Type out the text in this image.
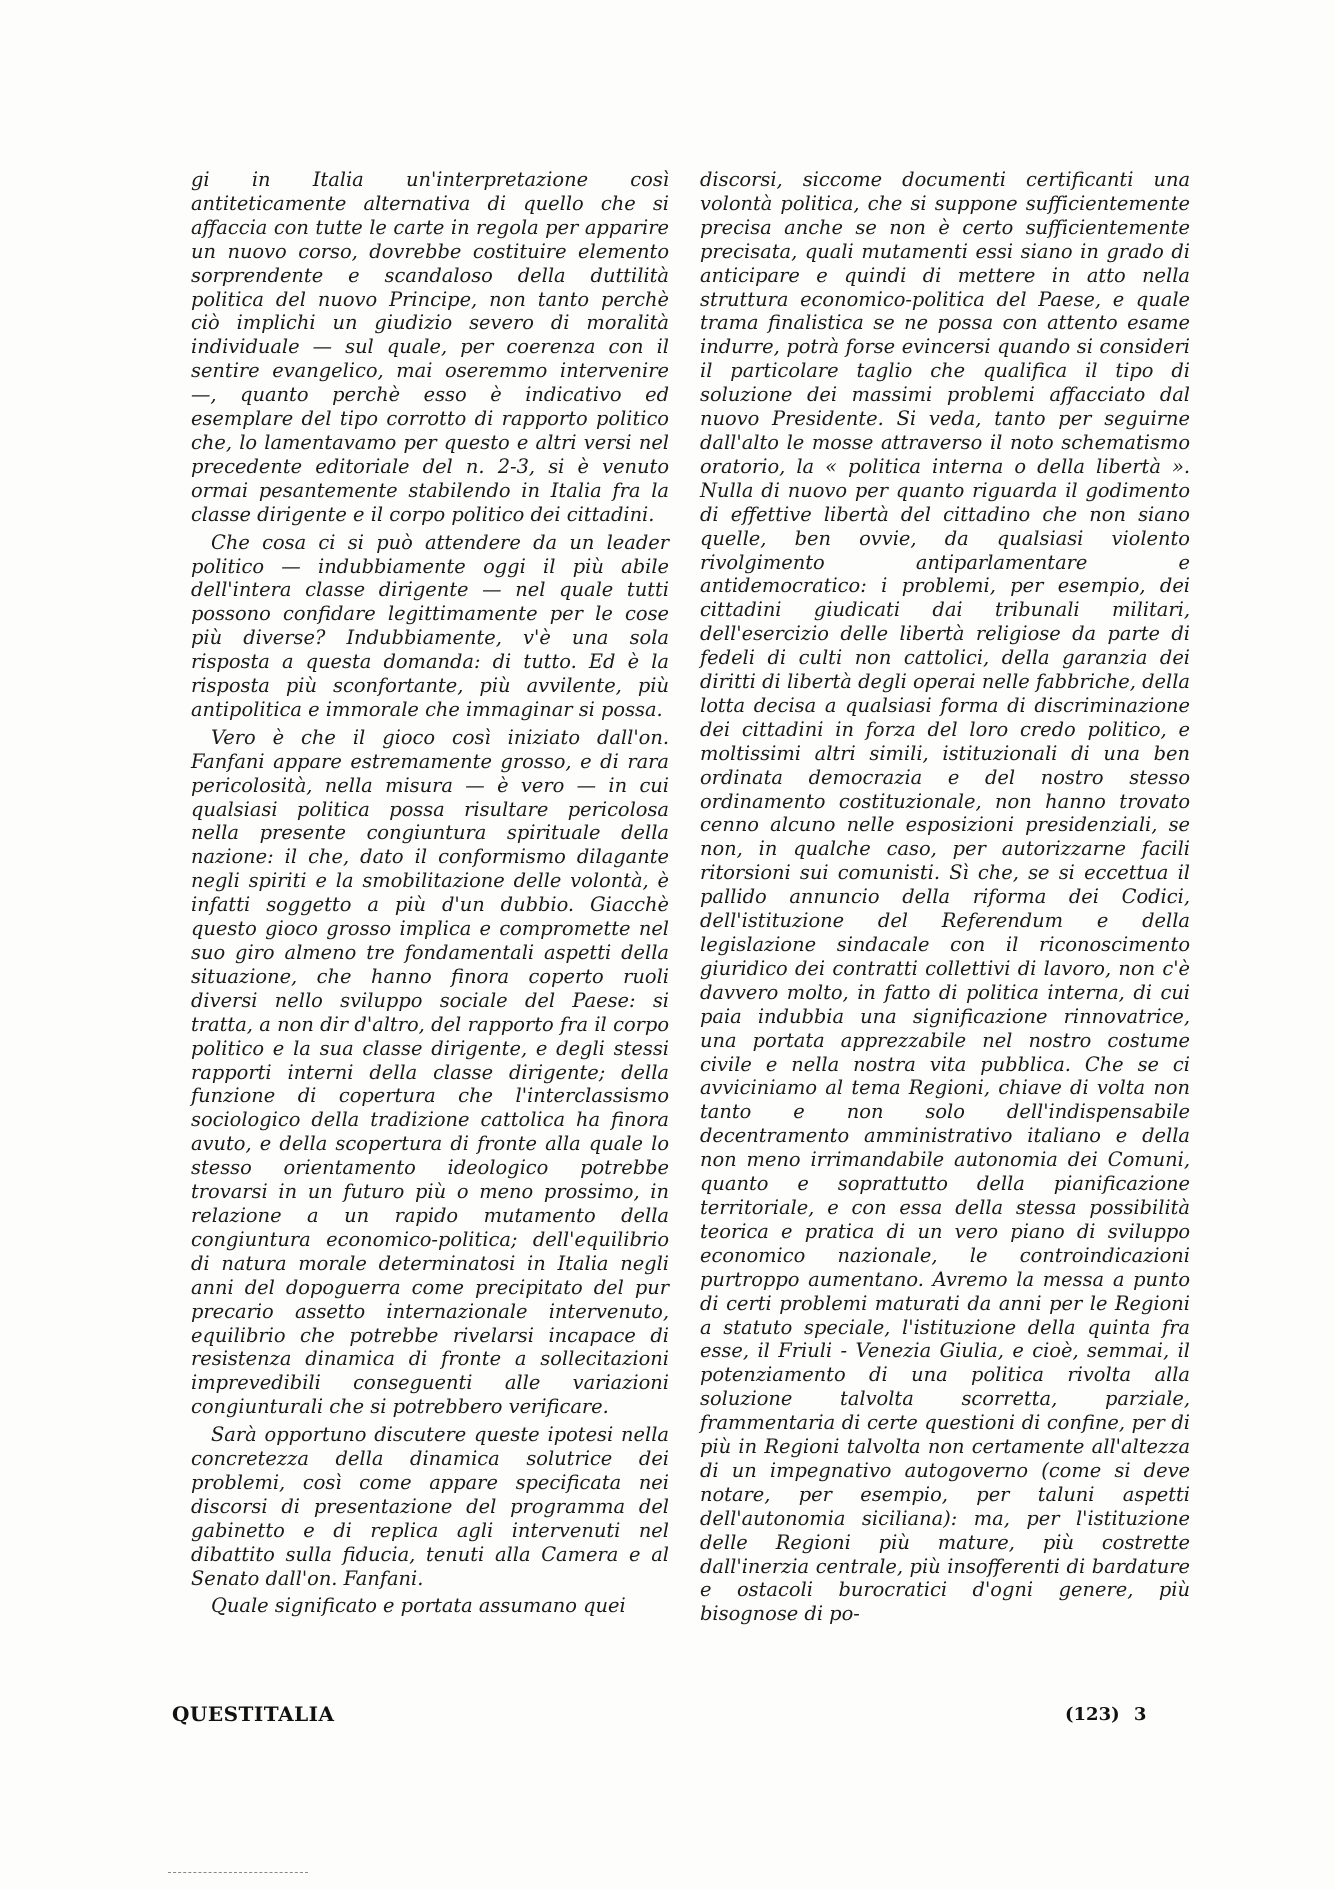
gi in Italia un'interpretazione così antiteticamente alternativa di quello che si affaccia con tutte le carte in regola per apparire un nuovo corso, dovrebbe costituire elemento sorprendente e scandaloso della duttilità politica del nuovo Principe, non tanto perchè ciò implichi un giudizio severo di moralità individuale — sul quale, per coerenza con il sentire evangelico, mai oseremmo intervenire —, quanto perchè esso è indicativo ed esemplare del tipo corrotto di rapporto politico che, lo lamentavamo per questo e altri versi nel precedente editoriale del n. 2-3, si è venuto ormai pesantemente stabilendo in Italia fra la classe dirigente e il corpo politico dei cittadini.

Che cosa ci si può attendere da un leader politico — indubbiamente oggi il più abile dell'intera classe dirigente — nel quale tutti possono confidare legittimamente per le cose più diverse? Indubbiamente, v'è una sola risposta a questa domanda: di tutto. Ed è la risposta più sconfortante, più avvilente, più antipolitica e immorale che immaginar si possa.

Vero è che il gioco così iniziato dall'on. Fanfani appare estremamente grosso, e di rara pericolosità, nella misura — è vero — in cui qualsiasi politica possa risultare pericolosa nella presente congiuntura spirituale della nazione: il che, dato il conformismo dilagante negli spiriti e la smobilitazione delle volontà, è infatti soggetto a più d'un dubbio. Giacchè questo gioco grosso implica e compromette nel suo giro almeno tre fondamentali aspetti della situazione, che hanno finora coperto ruoli diversi nello sviluppo sociale del Paese: si tratta, a non dir d'altro, del rapporto fra il corpo politico e la sua classe dirigente, e degli stessi rapporti interni della classe dirigente; della funzione di copertura che l'interclassismo sociologico della tradizione cattolica ha finora avuto, e della scopertura di fronte alla quale lo stesso orientamento ideologico potrebbe trovarsi in un futuro più o meno prossimo, in relazione a un rapido mutamento della congiuntura economico-politica; dell'equilibrio di natura morale determinatosi in Italia negli anni del dopoguerra come precipitato del pur precario assetto internazionale intervenuto, equilibrio che potrebbe rivelarsi incapace di resistenza dinamica di fronte a sollecitazioni imprevedibili conseguenti alle variazioni congiunturali che si potrebbero verificare.

Sarà opportuno discutere queste ipotesi nella concretezza della dinamica solutrice dei problemi, così come appare specificata nei discorsi di presentazione del programma del gabinetto e di replica agli intervenuti nel dibattito sulla fiducia, tenuti alla Camera e al Senato dall'on. Fanfani.

Quale significato e portata assumano quei

discorsi, siccome documenti certificanti una volontà politica, che si suppone sufficientemente precisa anche se non è certo sufficientemente precisata, quali mutamenti essi siano in grado di anticipare e quindi di mettere in atto nella struttura economico-politica del Paese, e quale trama finalistica se ne possa con attento esame indurre, potrà forse evincersi quando si consideri il particolare taglio che qualifica il tipo di soluzione dei massimi problemi affacciato dal nuovo Presidente. Si veda, tanto per seguirne dall'alto le mosse attraverso il noto schematismo oratorio, la « politica interna o della libertà ». Nulla di nuovo per quanto riguarda il godimento di effettive libertà del cittadino che non siano quelle, ben ovvie, da qualsiasi violento rivolgimento antiparlamentare e antidemocratico: i problemi, per esempio, dei cittadini giudicati dai tribunali militari, dell'esercizio delle libertà religiose da parte di fedeli di culti non cattolici, della garanzia dei diritti di libertà degli operai nelle fabbriche, della lotta decisa a qualsiasi forma di discriminazione dei cittadini in forza del loro credo politico, e moltissimi altri simili, istituzionali di una ben ordinata democrazia e del nostro stesso ordinamento costituzionale, non hanno trovato cenno alcuno nelle esposizioni presidenziali, se non, in qualche caso, per autorizzarne facili ritorsioni sui comunisti. Sì che, se si eccettua il pallido annuncio della riforma dei Codici, dell'istituzione del Referendum e della legislazione sindacale con il riconoscimento giuridico dei contratti collettivi di lavoro, non c'è davvero molto, in fatto di politica interna, di cui paia indubbia una significazione rinnovatrice, una portata apprezzabile nel nostro costume civile e nella nostra vita pubblica. Che se ci avviciniamo al tema Regioni, chiave di volta non tanto e non solo dell'indispensabile decentramento amministrativo italiano e della non meno irrimandabile autonomia dei Comuni, quanto e soprattutto della pianificazione territoriale, e con essa della stessa possibilità teorica e pratica di un vero piano di sviluppo economico nazionale, le controindicazioni purtroppo aumentano. Avremo la messa a punto di certi problemi maturati da anni per le Regioni a statuto speciale, l'istituzione della quinta fra esse, il Friuli - Venezia Giulia, e cioè, semmai, il potenziamento di una politica rivolta alla soluzione talvolta scorretta, parziale, frammentaria di certe questioni di confine, per di più in Regioni talvolta non certamente all'altezza di un impegnativo autogoverno (come si deve notare, per esempio, per taluni aspetti dell'autonomia siciliana): ma, per l'istituzione delle Regioni più mature, più costrette dall'inerzia centrale, più insofferenti di bardature e ostacoli burocratici d'ogni genere, più bisognose di po-

QUESTITALIA	(123) 3
